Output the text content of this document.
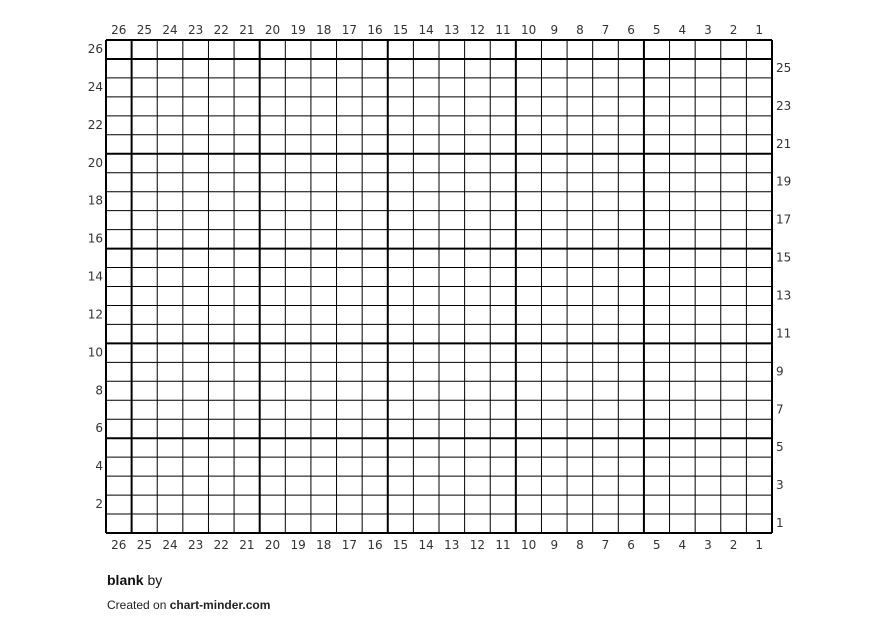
26 25 24 23 22 21 20 19 18 17 16 15 14 13 12 11 10 9 8 7 6 5 4 3 2 1
26 25 24 23 22 21 20 19 18 17 16 15 14 13 12 11 10 9 8 7 6 5 4 3 2 1
26
24
22
20
18
16
14
12
10
8
6
4
2
25
23
21
19
17
15
13
11
9
7
5
3
1
blank by
Created on chart-minder.com
